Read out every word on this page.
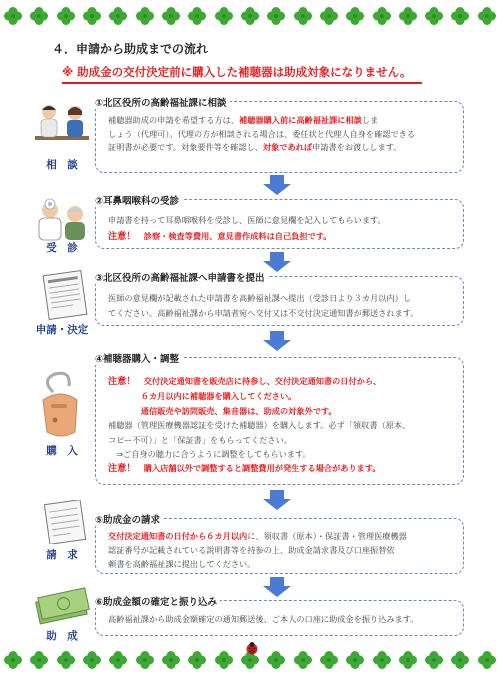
４．申請から助成までの流れ
※ 助成金の交付決定前に購入した補聴器は助成対象になりません。
相　談
①北区役所の高齢福祉課に相談
補聴器助成の申請を希望する方は、補聴器購入前に高齢福祉課に相談しま
しょう（代理可）。代理の方が相談される場合は、委任状と代理人自身を確認できる
証明書が必要です。対象要件等を確認し、対象であれば申請書をお渡しします。
受　診
②耳鼻咽喉科の受診
申請書を持って耳鼻咽喉科を受診し、医師に意見欄を記入してもらいます。
注意！　診察・検査等費用、意見書作成料は自己負担です。
申請・決定
③北区役所の高齢福祉課へ申請書を提出
医師の意見欄が記載された申請書を高齢福祉課へ提出（受診日より３カ月以内）し
てください。高齢福祉課から申請者宛へ交付又は不交付決定通知書が郵送されます。
購　入
④補聴器購入・調整
注意！　交付決定通知書を販売店に持参し、交付決定通知書の日付から、
　　　　６カ月以内に補聴器を購入してください。
　　　　通信販売や訪問販売、集音器は、助成の対象外です。
補聴器（管理医療機器認証を受けた補聴器）を購入します。必ず「領収書（原本、
コピー不可）」と「保証書」をもらってください。
　⇒ご自身の聴力に合うように調整をしてもらいます。
注意！　購入店舗以外で調整すると調整費用が発生する場合があります。
請　求
⑤助成金の請求
交付決定通知書の日付から６カ月以内に、領収書（原本）・保証書・管理医療機器
認証番号が記載されている説明書等を持参の上、助成金請求書及び口座振替依
頼書を高齢福祉課に提出してください。
助　成
⑥助成金額の確定と振り込み
高齢福祉課から助成金額確定の通知郵送後、ご本人の口座に助成金を振り込みます。
